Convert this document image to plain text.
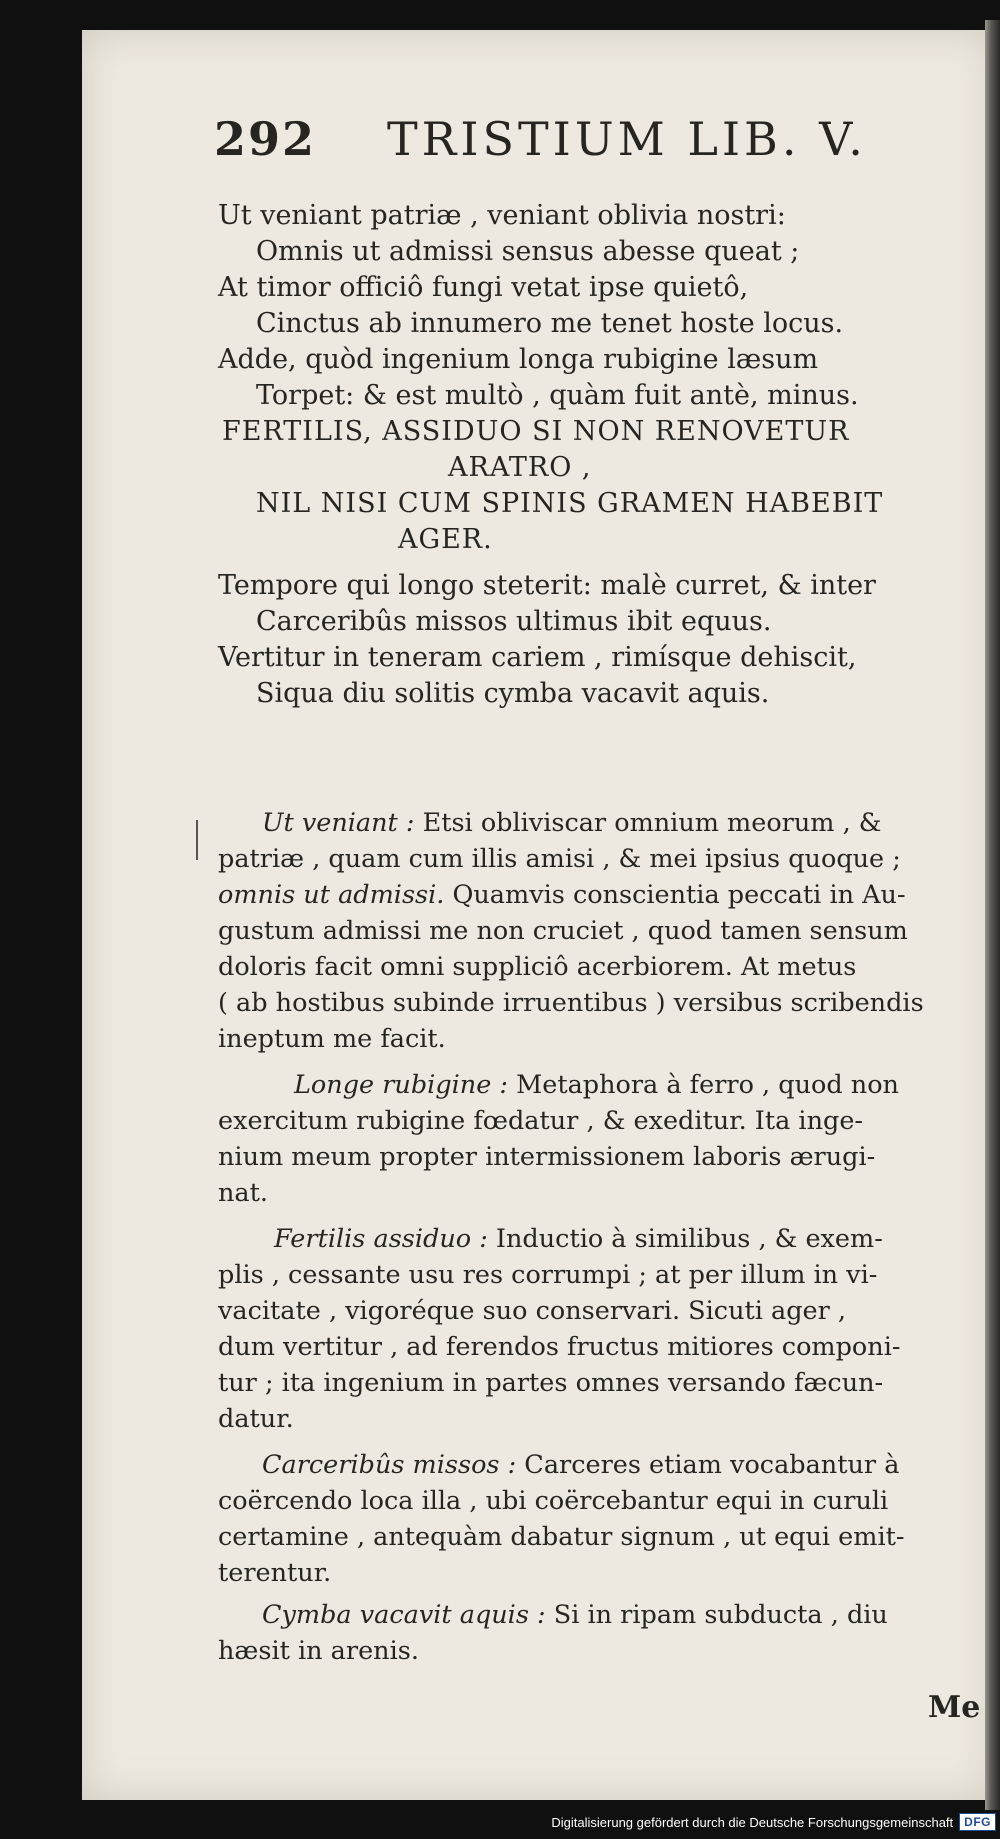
292 TRISTIUM LIB. V.
Ut veniant patriæ , veniant oblivia nostri:
Omnis ut admissi sensus abesse queat ;
At timor officiô fungi vetat ipse quietô,
Cinctus ab innumero me tenet hoste locus.
Adde, quòd ingenium longa rubigine læsum
Torpet: & est multò , quàm fuit antè, minus.
FERTILIS, ASSIDUO SI NON RENOVETUR
ARATRO ,
NIL NISI CUM SPINIS GRAMEN HABEBIT
AGER.
Tempore qui longo steterit: malè curret, & inter
Carceribûs missos ultimus ibit equus.
Vertitur in teneram cariem , rimísque dehiscit,
Siqua diu solitis cymba vacavit aquis.
Ut veniant : Etsi obliviscar omnium meorum , &
patriæ , quam cum illis amisi , & mei ipsius quoque ;
omnis ut admissi. Quamvis conscientia peccati in Au-
gustum admissi me non cruciet , quod tamen sensum
doloris facit omni suppliciô acerbiorem. At metus
( ab hostibus subinde irruentibus ) versibus scribendis
ineptum me facit.
Longe rubigine : Metaphora à ferro , quod non
exercitum rubigine fœdatur , & exeditur. Ita inge-
nium meum propter intermissionem laboris ærugi-
nat.
Fertilis assiduo : Inductio à similibus , & exem-
plis , cessante usu res corrumpi ; at per illum in vi-
vacitate , vigoréque suo conservari. Sicuti ager ,
dum vertitur , ad ferendos fructus mitiores componi-
tur ; ita ingenium in partes omnes versando fæcun-
datur.
Carceribûs missos : Carceres etiam vocabantur à
coërcendo loca illa , ubi coërcebantur equi in curuli
certamine , antequàm dabatur signum , ut equi emit-
terentur.
Cymba vacavit aquis : Si in ripam subducta , diu
hæsit in arenis.
Me
Digitalisierung gefördert durch die Deutsche Forschungsgemeinschaft DFG
